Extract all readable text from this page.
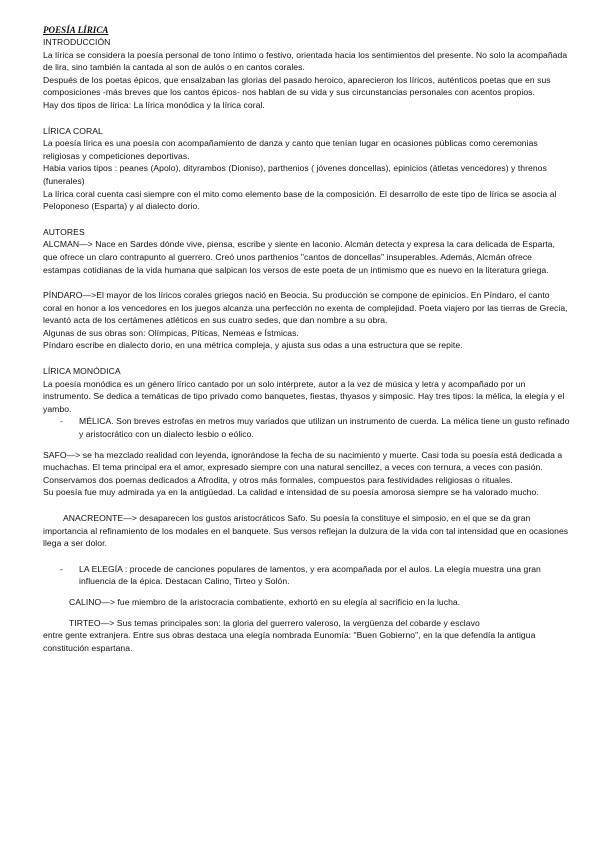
POESÍA LÍRICA

INTRODUCCIÓN

La lírica se considera la poesía personal de tono íntimo o festivo, orientada hacia los sentimientos del presente. No solo la acompañada de lira, sino también la cantada al son de aulós o en cantos corales.

Después de los poetas épicos, que ensalzaban las glorias del pasado heroico, aparecieron los líricos, auténticos poetas que en sus composiciones -más breves que los cantos épicos- nos hablan de su vida y sus circunstancias personales con acentos propios.

Hay dos tipos de lírica: La lírica monódica y la lírica coral.

LÍRICA CORAL

La poesía lírica es una poesía con acompañamiento de danza y canto que tenían lugar en ocasiones públicas como ceremonias religiosas y competiciones deportivas.

Habia varios tipos : peanes (Apolo), dityrambos (Dioniso), parthenios ( jóvenes doncellas), epinicios (átletas vencedores) y threnos (funerales)

La lírica coral cuenta casi siempre con el mito como elemento base de la composición. El desarrollo de este tipo de lírica se asocia al Peloponeso (Esparta) y al dialecto dorio.

AUTORES

ALCMAN—> Nace en Sardes dónde vive, piensa, escribe y siente en laconio. Alcmán detecta y expresa la cara delicada de Esparta, que ofrece un claro contrapunto al guerrero. Creó unos parthenios "cantos de doncellas" insuperables. Además, Alcmán ofrece estampas cotidianas de la vida humana que salpican los versos de este poeta de un intimismo que es nuevo en la literatura griega.

PÍNDARO—>El mayor de los líricos corales griegos nació en Beocia. Su producción se compone de epinicios. En Píndaro, el canto coral en honor a los vencedores en los juegos alcanza una perfección no exenta de complejidad. Poeta viajero por las tierras de Grecia, levantó acta de los certámenes atléticos en sus cuatro sedes, que dan nombre a su obra.

Algunas de sus obras son: Olímpicas, Píticas, Nemeas e Ístmicas.

Píndaro escribe en dialecto dorio, en una métrica compleja, y ajusta sus odas a una estructura que se repite.

LÍRICA MONÓDICA

La poesía monódica es un género lírico cantado por un solo intérprete, autor a la vez de música y letra y acompañado por un instrumento. Se dedica a temáticas de tipo privado como banquetes, fiestas, thyasos y simposic. Hay tres tipos: la mélica, la elegía y el yambo.

- MÉLICA. Son breves estrofas en metros muy variados que utilizan un instrumento de cuerda. La mélica tiene un gusto refinado y aristocrático con un dialecto lesbio o eólico.

SAFO—> se ha mezclado realidad con leyenda, ignorándose la fecha de su nacimiento y muerte. Casi toda su poesía está dedicada a muchachas. El tema principal era el amor, expresado siempre con una natural sencillez, a veces con ternura, a veces con pasión. Conservamos dos poemas dedicados a Afrodita, y otros más formales, compuestos para festividades religiosas o rituales.

Su poesía fue muy admirada ya en la antigüedad. La calidad e intensidad de su poesía amorosa siempre se ha valorado mucho.

ANACREONTE—> desaparecen los gustos aristocráticos Safo. Su poesía la constituye el simposio, en el que se da gran

importancia al refinamiento de los modales en el banquete. Sus versos reflejan la dulzura de la vida con tal intensidad que en ocasiones llega a ser dolor.

- LA ELEGÍA : procede de canciones populares de lamentos, y era acompañada por el aulos. La elegía muestra una gran influencia de la épica. Destacan Calino, Tirteo y Solón.

CALINO—> fue miembro de la aristocracia combatiente, exhortó en su elegía al sacrificio en la lucha.

TIRTEO—> Sus temas principales son: la gloria del guerrero valeroso, la vergüenza del cobarde y esclavo

entre gente extranjera. Entre sus obras destaca una elegía nombrada Eunomía: "Buen Gobierno", en la que defendía la antigua constitución espartana.
